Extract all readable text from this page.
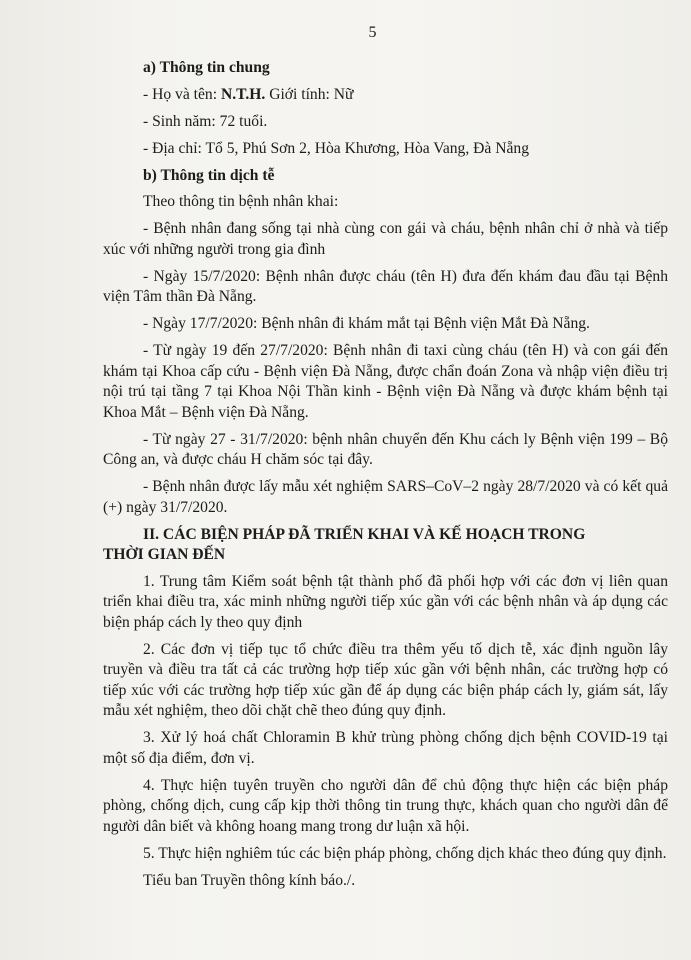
5

a) Thông tin chung

- Họ và tên: N.T.H. Giới tính: Nữ

- Sinh năm: 72 tuổi.

- Địa chỉ: Tổ 5, Phú Sơn 2, Hòa Khương, Hòa Vang, Đà Nẵng

b) Thông tin dịch tễ

Theo thông tin bệnh nhân khai:

- Bệnh nhân đang sống tại nhà cùng con gái và cháu, bệnh nhân chỉ ở nhà và tiếp xúc với những người trong gia đình

- Ngày 15/7/2020: Bệnh nhân được cháu (tên H) đưa đến khám đau đầu tại Bệnh viện Tâm thần Đà Nẵng.

- Ngày 17/7/2020: Bệnh nhân đi khám mắt tại Bệnh viện Mắt Đà Nẵng.

- Từ ngày 19 đến 27/7/2020: Bệnh nhân đi taxi cùng cháu (tên H) và con gái đến khám tại Khoa cấp cứu - Bệnh viện Đà Nẵng, được chẩn đoán Zona và nhập viện điều trị nội trú tại tầng 7 tại Khoa Nội Thần kinh - Bệnh viện Đà Nẵng và được khám bệnh tại Khoa Mắt – Bệnh viện Đà Nẵng.

- Từ ngày 27 - 31/7/2020: bệnh nhân chuyển đến Khu cách ly Bệnh viện 199 – Bộ Công an, và được cháu H chăm sóc tại đây.

- Bệnh nhân được lấy mẫu xét nghiệm SARS–CoV–2 ngày 28/7/2020 và có kết quả (+) ngày 31/7/2020.

II. CÁC BIỆN PHÁP ĐÃ TRIỂN KHAI VÀ KẾ HOẠCH TRONG
THỜI GIAN ĐẾN

1. Trung tâm Kiểm soát bệnh tật thành phố đã phối hợp với các đơn vị liên quan triển khai điều tra, xác minh những người tiếp xúc gần với các bệnh nhân và áp dụng các biện pháp cách ly theo quy định

2. Các đơn vị tiếp tục tổ chức điều tra thêm yếu tố dịch tễ, xác định nguồn lây truyền và điều tra tất cả các trường hợp tiếp xúc gần với bệnh nhân, các trường hợp có tiếp xúc với các trường hợp tiếp xúc gần để áp dụng các biện pháp cách ly, giám sát, lấy mẫu xét nghiệm, theo dõi chặt chẽ theo đúng quy định.

3. Xử lý hoá chất Chloramin B khử trùng phòng chống dịch bệnh COVID-19 tại một số địa điểm, đơn vị.

4. Thực hiện tuyên truyền cho người dân để chủ động thực hiện các biện pháp phòng, chống dịch, cung cấp kịp thời thông tin trung thực, khách quan cho người dân để người dân biết và không hoang mang trong dư luận xã hội.

5. Thực hiện nghiêm túc các biện pháp phòng, chống dịch khác theo đúng quy định.

Tiểu ban Truyền thông kính báo./.
